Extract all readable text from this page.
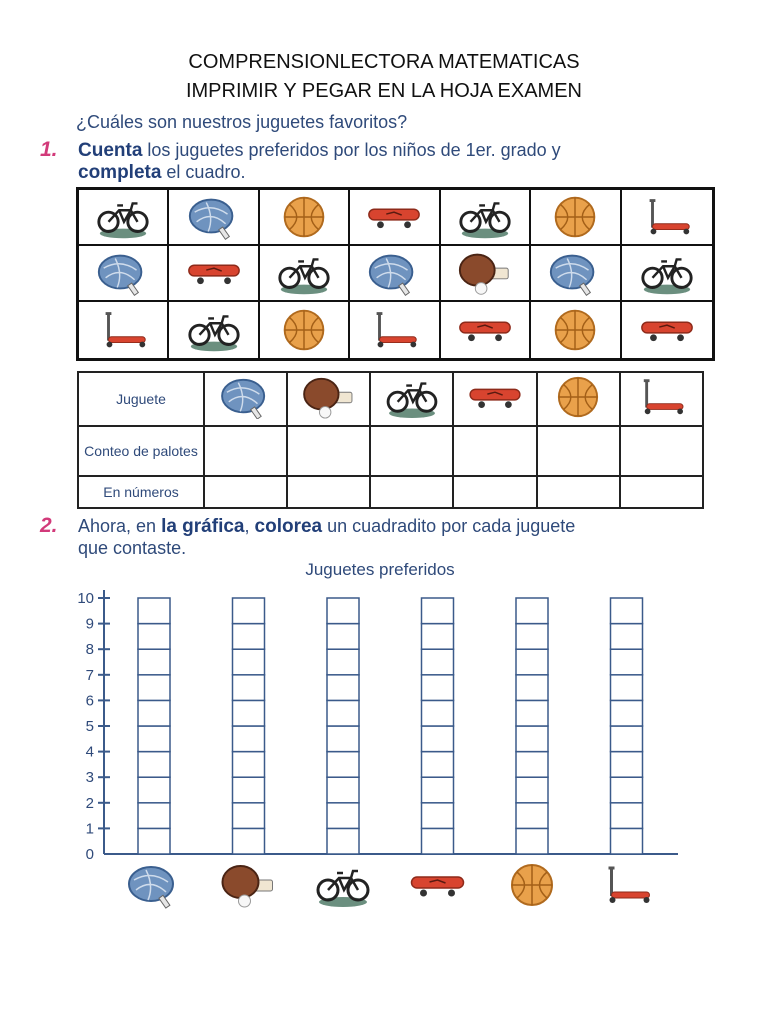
COMPRENSIONLECTORA MATEMATICAS
IMPRIMIR Y PEGAR EN LA HOJA EXAMEN
¿Cuáles son nuestros juguetes favoritos?
1. Cuenta los juguetes preferidos por los niños de 1er. grado y
completa el cuadro.
Juguete						
Conteo de palotes						
En números						
2. Ahora, en la gráfica, colorea un cuadradito por cada juguete
que contaste.
Juguetes preferidos
0
1
2
3
4
5
6
7
8
9
10
